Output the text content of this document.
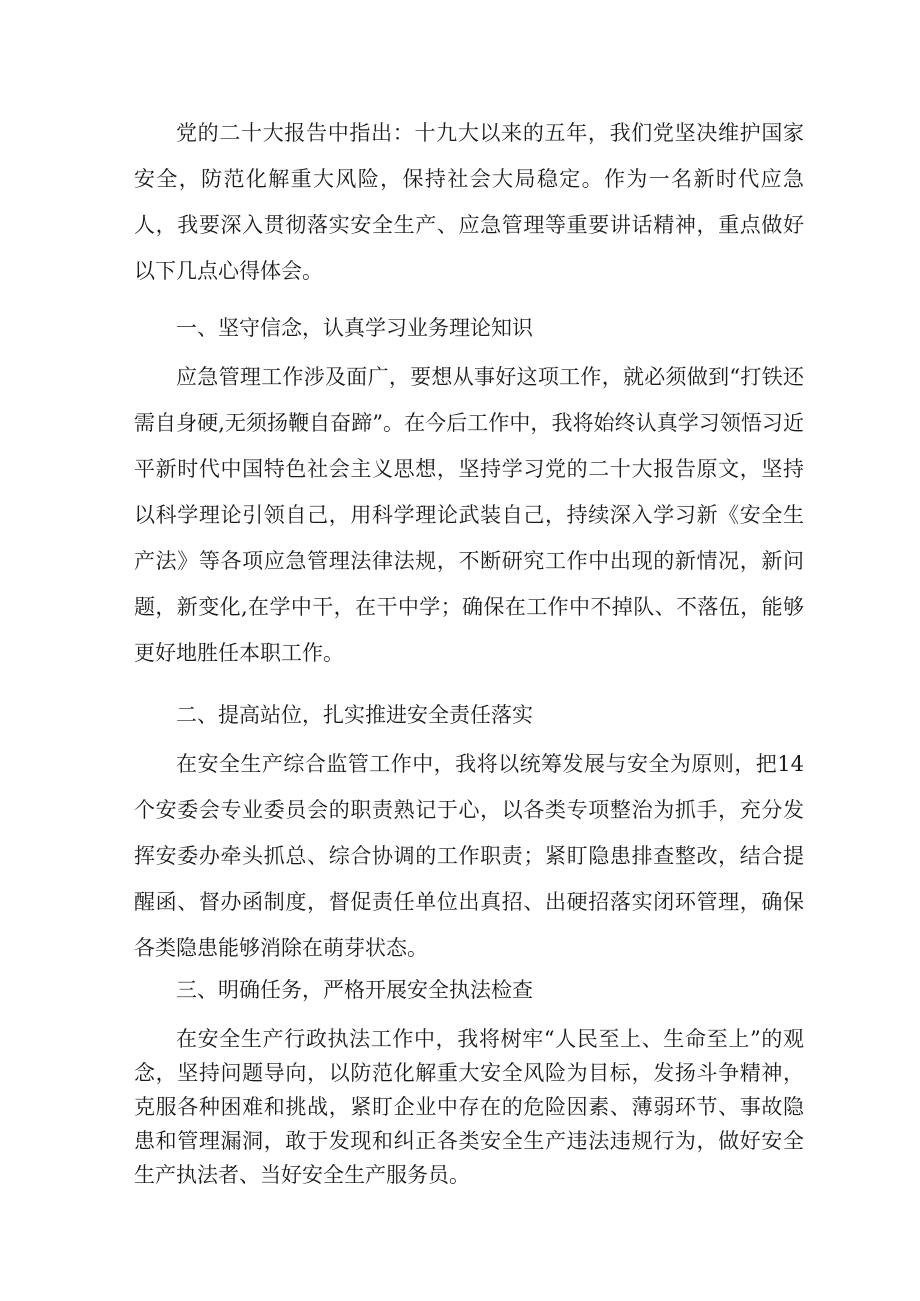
党的二十大报告中指出：十九大以来的五年，我们党坚决维护国家安全，防范化解重大风险，保持社会大局稳定。作为一名新时代应急人，我要深入贯彻落实安全生产、应急管理等重要讲话精神，重点做好以下几点心得体会。

一、坚守信念，认真学习业务理论知识

应急管理工作涉及面广，要想从事好这项工作，就必须做到“打铁还需自身硬,无须扬鞭自奋蹄”。在今后工作中，我将始终认真学习领悟习近平新时代中国特色社会主义思想，坚持学习党的二十大报告原文，坚持以科学理论引领自己，用科学理论武装自己，持续深入学习新《安全生产法》等各项应急管理法律法规，不断研究工作中出现的新情况，新问题，新变化,在学中干，在干中学；确保在工作中不掉队、不落伍，能够更好地胜任本职工作。

二、提高站位，扎实推进安全责任落实

在安全生产综合监管工作中，我将以统筹发展与安全为原则，把14个安委会专业委员会的职责熟记于心，以各类专项整治为抓手，充分发挥安委办牵头抓总、综合协调的工作职责；紧盯隐患排查整改，结合提醒函、督办函制度，督促责任单位出真招、出硬招落实闭环管理，确保各类隐患能够消除在萌芽状态。

三、明确任务，严格开展安全执法检查

在安全生产行政执法工作中，我将树牢“人民至上、生命至上”的观念，坚持问题导向，以防范化解重大安全风险为目标，发扬斗争精神，克服各种困难和挑战，紧盯企业中存在的危险因素、薄弱环节、事故隐患和管理漏洞，敢于发现和纠正各类安全生产违法违规行为，做好安全生产执法者、当好安全生产服务员。
